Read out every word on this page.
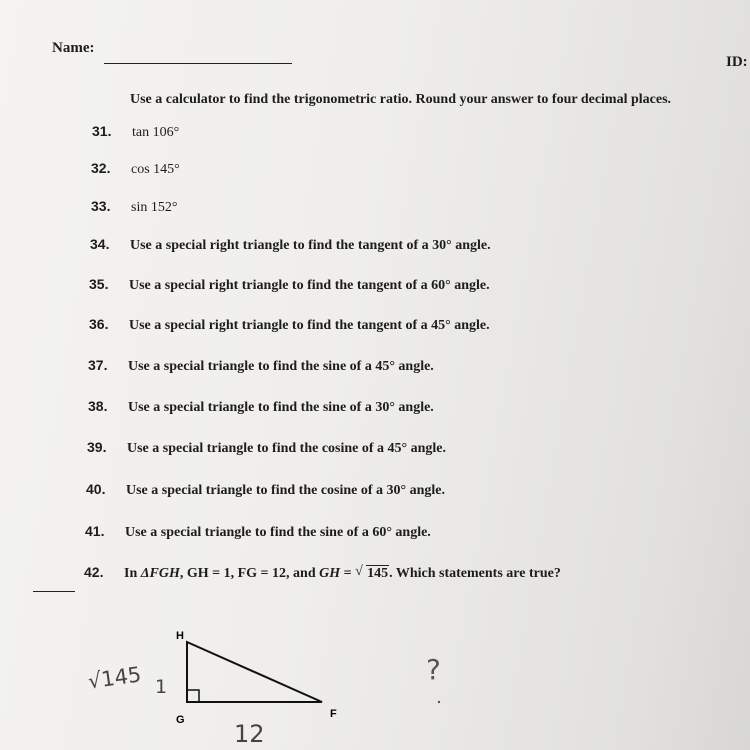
Name:
ID:
Use a calculator to find the trigonometric ratio. Round your answer to four decimal places.
31. tan 106°
32. cos 145°
33. sin 152°
34. Use a special right triangle to find the tangent of a 30° angle.
35. Use a special right triangle to find the tangent of a 60° angle.
36. Use a special right triangle to find the tangent of a 45° angle.
37. Use a special triangle to find the sine of a 45° angle.
38. Use a special triangle to find the sine of a 30° angle.
39. Use a special triangle to find the cosine of a 45° angle.
40. Use a special triangle to find the cosine of a 30° angle.
41. Use a special triangle to find the sine of a 60° angle.
42. In ΔFGH, GH = 1, FG = 12, and GH = √ 145. Which statements are true?
H
G	F
√145 1
12
?
